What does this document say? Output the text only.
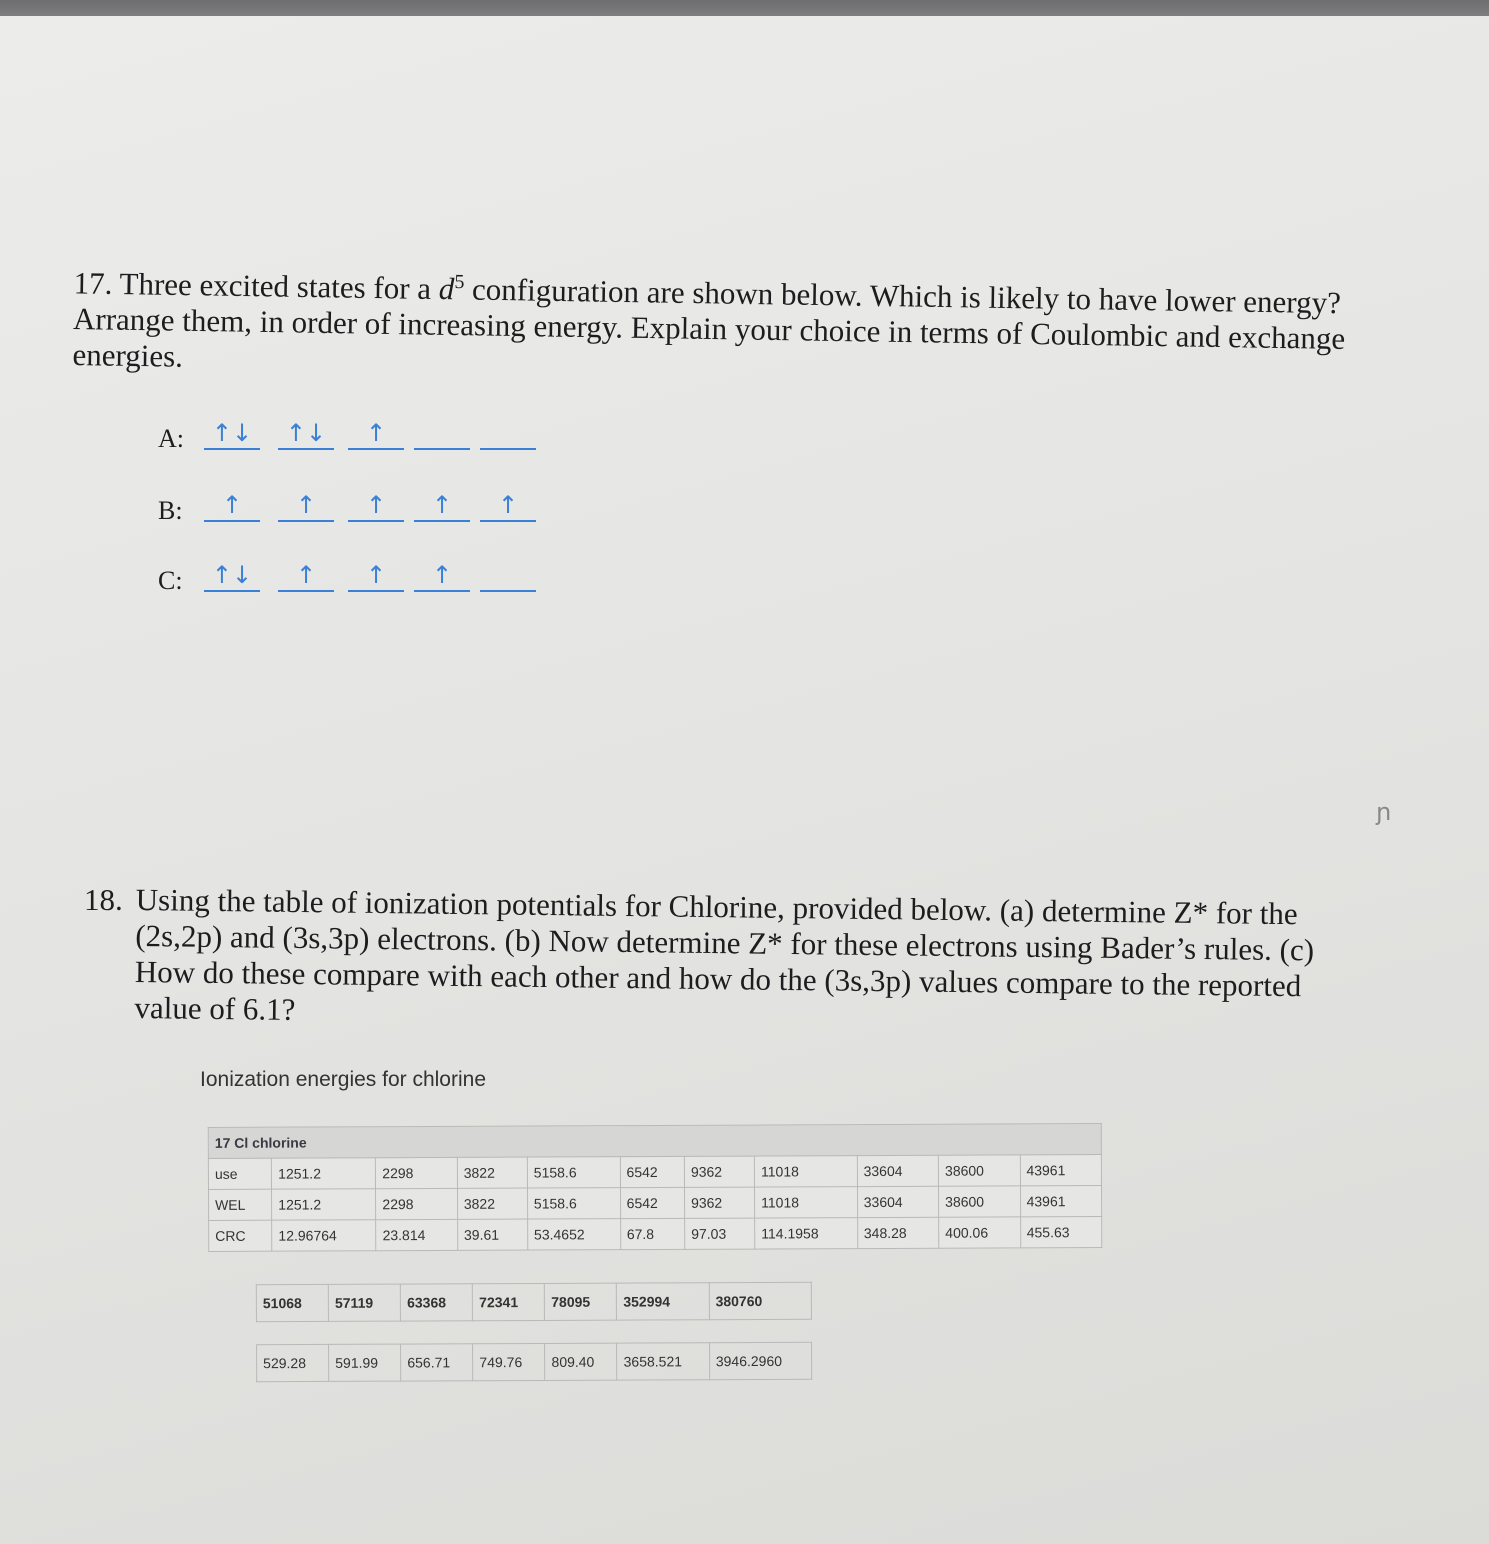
17. Three excited states for a $d^5$ configuration are shown below. Which is likely to have lower energy? Arrange them, in order of increasing energy. Explain your choice in terms of Coulombic and exchange energies.
A:	↑↓	↑↓	↑
B:	↑	↑	↑	↑	↑
C:	↑↓	↑	↑	↑
ɲ
18. Using the table of ionization potentials for Chlorine, provided below. (a) determine Z* for the (2s,2p) and (3s,3p) electrons. (b) Now determine Z* for these electrons using Bader’s rules. (c) How do these compare with each other and how do the (3s,3p) values compare to the reported value of 6.1?
Ionization energies for chlorine
17 Cl chlorine										
use	1251.2	2298	3822	5158.6	6542	9362	11018	33604	38600	43961
WEL	1251.2	2298	3822	5158.6	6542	9362	11018	33604	38600	43961
CRC	12.96764	23.814	39.61	53.4652	67.8	97.03	114.1958	348.28	400.06	455.63
51068	57119	63368	72341	78095	352994	380760

529.28	591.99	656.71	749.76	809.40	3658.521	3946.2960
